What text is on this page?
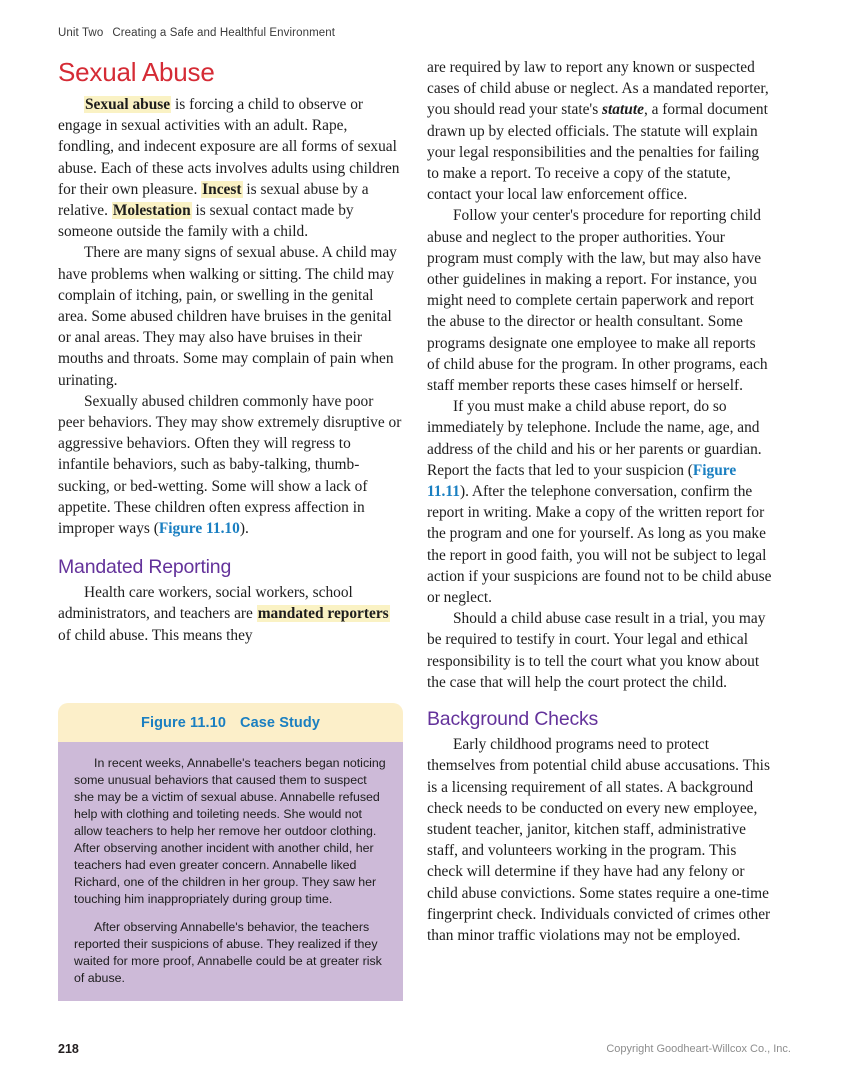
Unit Two Creating a Safe and Healthful Environment
Sexual Abuse

Sexual abuse is forcing a child to observe or engage in sexual activities with an adult. Rape, fondling, and indecent exposure are all forms of sexual abuse. Each of these acts involves adults using children for their own pleasure. Incest is sexual abuse by a relative. Molestation is sexual contact made by someone outside the family with a child.

There are many signs of sexual abuse. A child may have problems when walking or sitting. The child may complain of itching, pain, or swelling in the genital area. Some abused children have bruises in the genital or anal areas. They may also have bruises in their mouths and throats. Some may complain of pain when urinating.

Sexually abused children commonly have poor peer behaviors. They may show extremely disruptive or aggressive behaviors. Often they will regress to infantile behaviors, such as baby-talking, thumb-sucking, or bed-wetting. Some will show a lack of appetite. These children often express affection in improper ways (Figure 11.10).

Mandated Reporting

Health care workers, social workers, school administrators, and teachers are mandated reporters of child abuse. This means they

are required by law to report any known or suspected cases of child abuse or neglect. As a mandated reporter, you should read your state's statute, a formal document drawn up by elected officials. The statute will explain your legal responsibilities and the penalties for failing to make a report. To receive a copy of the statute, contact your local law enforcement office.

Follow your center's procedure for reporting child abuse and neglect to the proper authorities. Your program must comply with the law, but may also have other guidelines in making a report. For instance, you might need to complete certain paperwork and report the abuse to the director or health consultant. Some programs designate one employee to make all reports of child abuse for the program. In other programs, each staff member reports these cases himself or herself.

If you must make a child abuse report, do so immediately by telephone. Include the name, age, and address of the child and his or her parents or guardian. Report the facts that led to your suspicion (Figure 11.11). After the telephone conversation, confirm the report in writing. Make a copy of the written report for the program and one for yourself. As long as you make the report in good faith, you will not be subject to legal action if your suspicions are found not to be child abuse or neglect.

Should a child abuse case result in a trial, you may be required to testify in court. Your legal and ethical responsibility is to tell the court what you know about the case that will help the court protect the child.

Background Checks

Early childhood programs need to protect themselves from potential child abuse accusations. This is a licensing requirement of all states. A background check needs to be conducted on every new employee, student teacher, janitor, kitchen staff, administrative staff, and volunteers working in the program. This check will determine if they have had any felony or child abuse convictions. Some states require a one-time fingerprint check. Individuals convicted of crimes other than minor traffic violations may not be employed.

Figure 11.10 Case Study

In recent weeks, Annabelle's teachers began noticing some unusual behaviors that caused them to suspect she may be a victim of sexual abuse. Annabelle refused help with clothing and toileting needs. She would not allow teachers to help her remove her outdoor clothing. After observing another incident with another child, her teachers had even greater concern. Annabelle liked Richard, one of the children in her group. They saw her touching him inappropriately during group time.

After observing Annabelle's behavior, the teachers reported their suspicions of abuse. They realized if they waited for more proof, Annabelle could be at greater risk of abuse.

218	Copyright Goodheart-Willcox Co., Inc.
